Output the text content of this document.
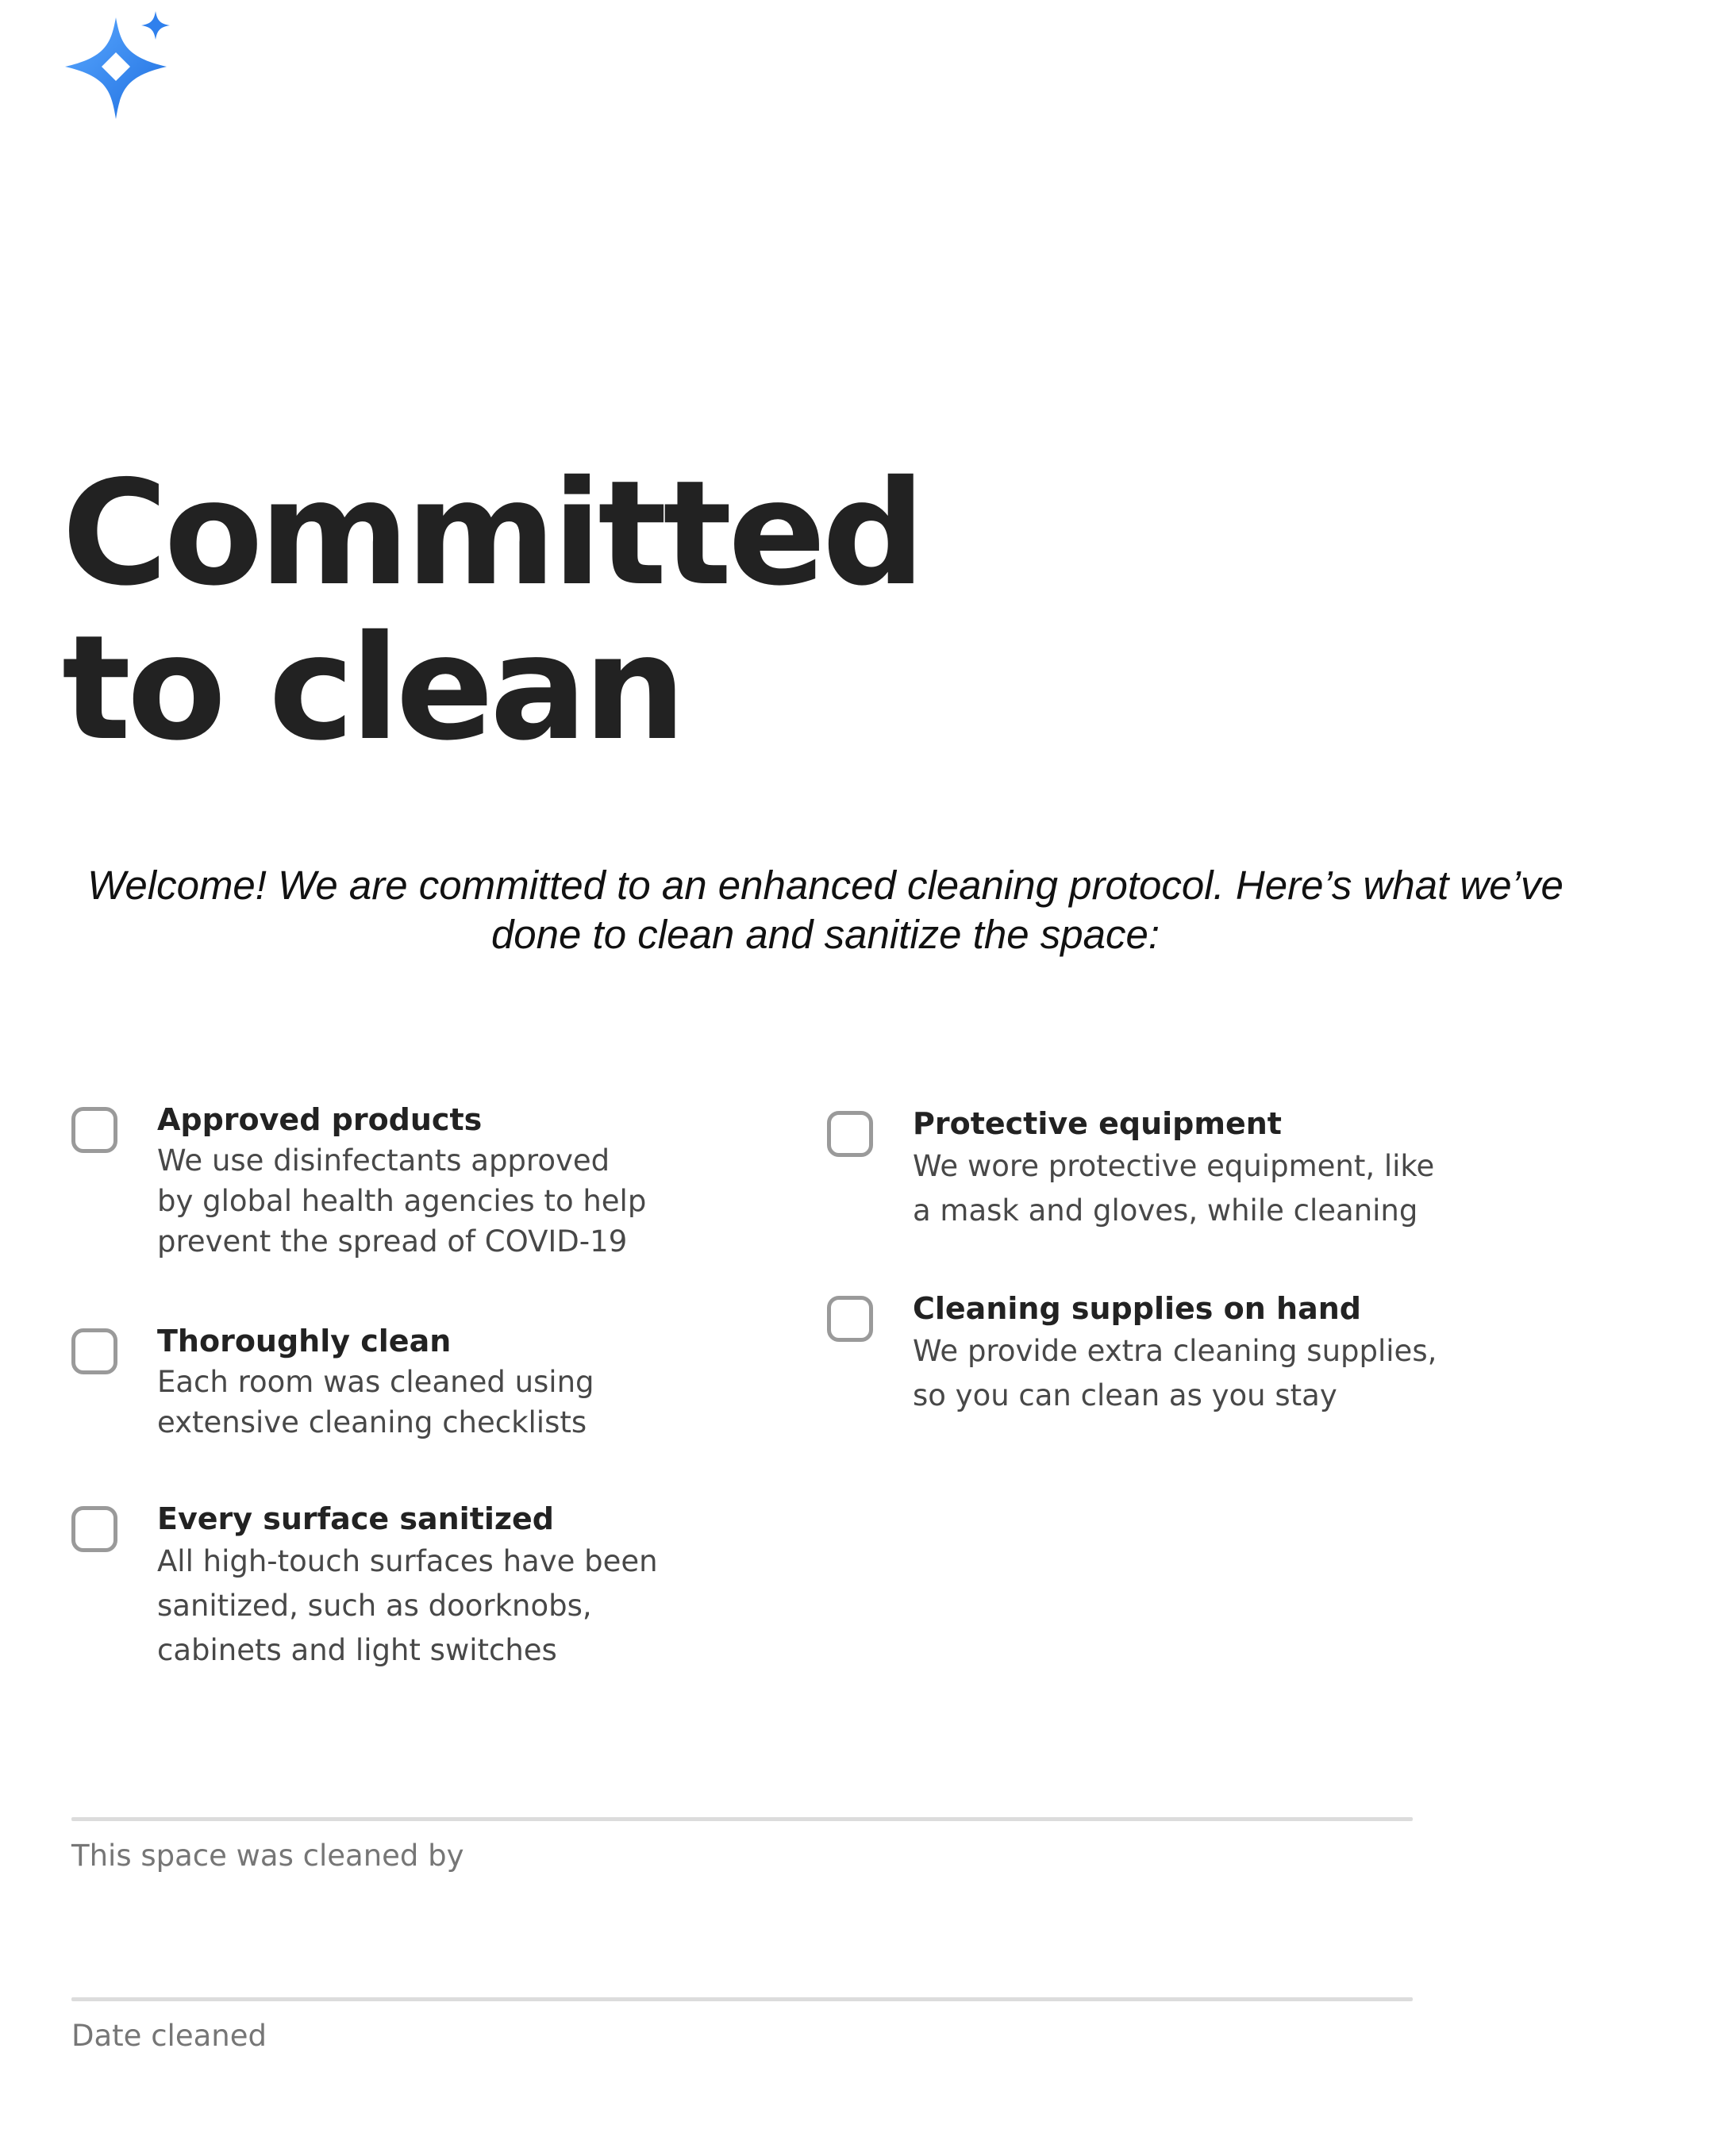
Committed
to clean

Welcome! We are committed to an enhanced cleaning protocol. Here’s what we’ve done to clean and sanitize the space:

Approved products
We use disinfectants approved
by global health agencies to help
prevent the spread of COVID-19
Thoroughly clean
Each room was cleaned using
extensive cleaning checklists
Every surface sanitized
All high-touch surfaces have been
sanitized, such as doorknobs,
cabinets and light switches
Protective equipment
We wore protective equipment, like
a mask and gloves, while cleaning
Cleaning supplies on hand
We provide extra cleaning supplies,
so you can clean as you stay
This space was cleaned by
Date cleaned
